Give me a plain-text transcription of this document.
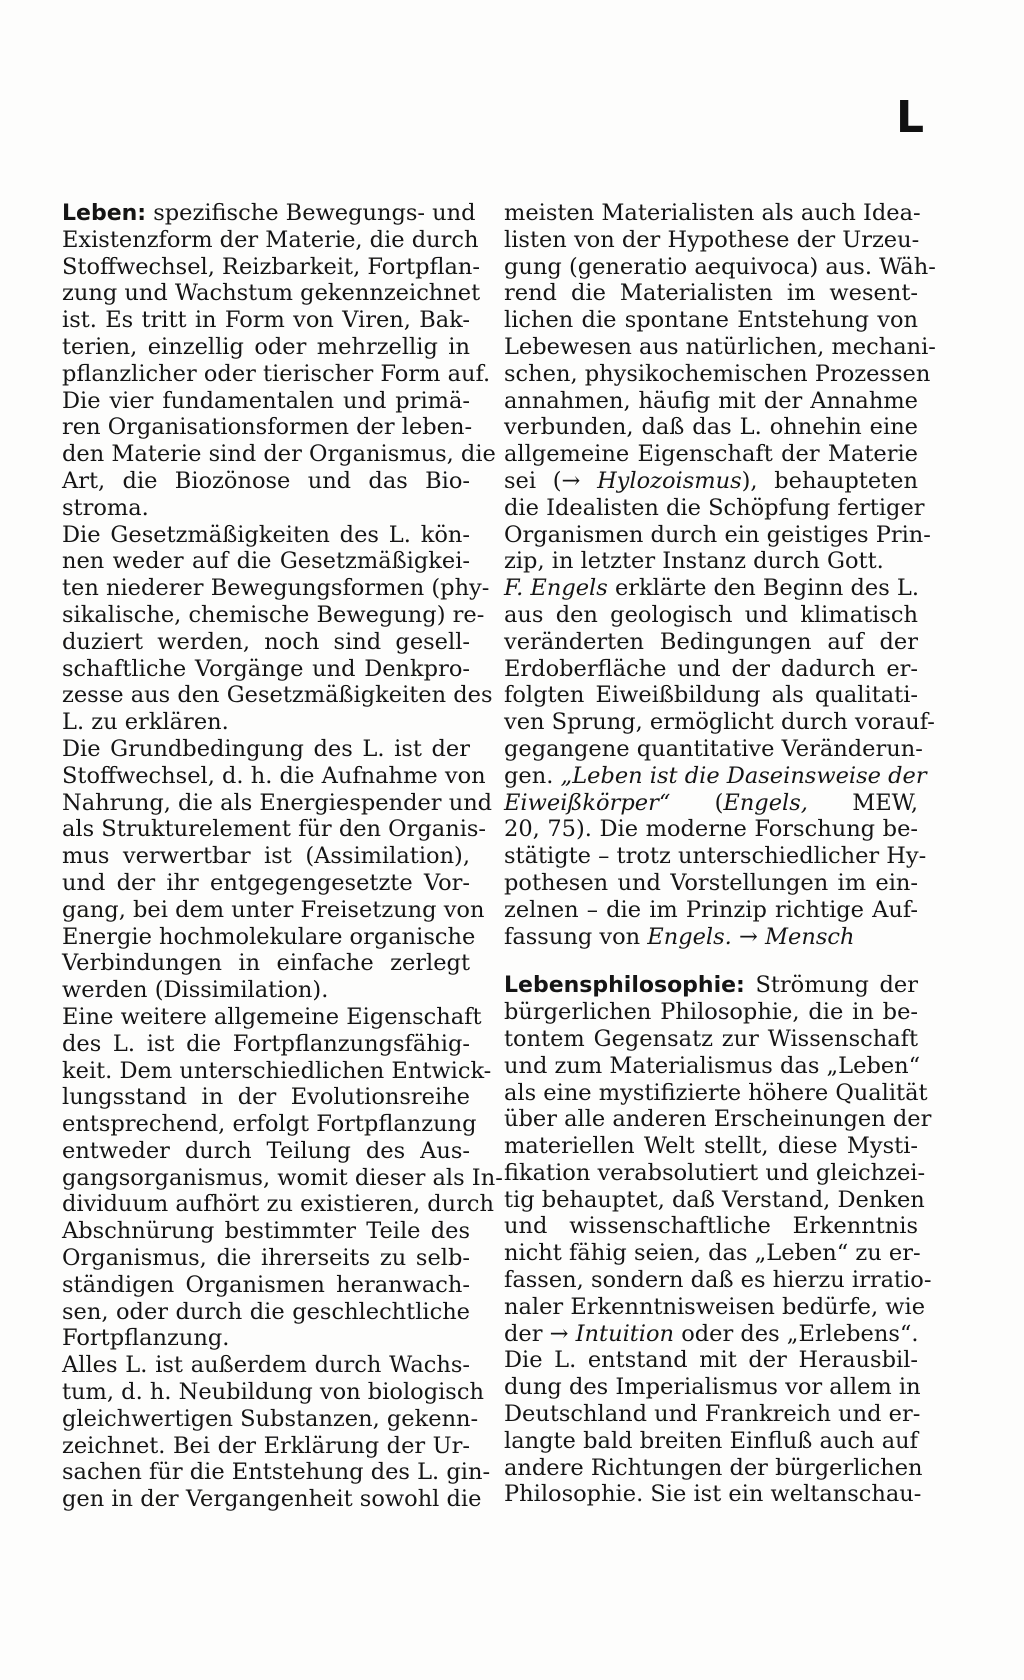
L
Leben: spezifische Bewegungs- und
Existenzform der Materie, die durch
Stoffwechsel, Reizbarkeit, Fortpflan-
zung und Wachstum gekennzeichnet
ist. Es tritt in Form von Viren, Bak-
terien, einzellig oder mehrzellig in
pflanzlicher oder tierischer Form auf.
Die vier fundamentalen und primä-
ren Organisationsformen der leben-
den Materie sind der Organismus, die
Art, die Biozönose und das Bio-
stroma.
Die Gesetzmäßigkeiten des L. kön-
nen weder auf die Gesetzmäßigkei-
ten niederer Bewegungsformen (phy-
sikalische, chemische Bewegung) re-
duziert werden, noch sind gesell-
schaftliche Vorgänge und Denkpro-
zesse aus den Gesetzmäßigkeiten des
L. zu erklären.
Die Grundbedingung des L. ist der
Stoffwechsel, d. h. die Aufnahme von
Nahrung, die als Energiespender und
als Strukturelement für den Organis-
mus verwertbar ist (Assimilation),
und der ihr entgegengesetzte Vor-
gang, bei dem unter Freisetzung von
Energie hochmolekulare organische
Verbindungen in einfache zerlegt
werden (Dissimilation).
Eine weitere allgemeine Eigenschaft
des L. ist die Fortpflanzungsfähig-
keit. Dem unterschiedlichen Entwick-
lungsstand in der Evolutionsreihe
entsprechend, erfolgt Fortpflanzung
entweder durch Teilung des Aus-
gangsorganismus, womit dieser als In-
dividuum aufhört zu existieren, durch
Abschnürung bestimmter Teile des
Organismus, die ihrerseits zu selb-
ständigen Organismen heranwach-
sen, oder durch die geschlechtliche
Fortpflanzung.
Alles L. ist außerdem durch Wachs-
tum, d. h. Neubildung von biologisch
gleichwertigen Substanzen, gekenn-
zeichnet. Bei der Erklärung der Ur-
sachen für die Entstehung des L. gin-
gen in der Vergangenheit sowohl die
meisten Materialisten als auch Idea-
listen von der Hypothese der Urzeu-
gung (generatio aequivoca) aus. Wäh-
rend die Materialisten im wesent-
lichen die spontane Entstehung von
Lebewesen aus natürlichen, mechani-
schen, physikochemischen Prozessen
annahmen, häufig mit der Annahme
verbunden, daß das L. ohnehin eine
allgemeine Eigenschaft der Materie
sei (→ Hylozoismus), behaupteten
die Idealisten die Schöpfung fertiger
Organismen durch ein geistiges Prin-
zip, in letzter Instanz durch Gott.
F. Engels erklärte den Beginn des L.
aus den geologisch und klimatisch
veränderten Bedingungen auf der
Erdoberfläche und der dadurch er-
folgten Eiweißbildung als qualitati-
ven Sprung, ermöglicht durch vorauf-
gegangene quantitative Veränderun-
gen. „Leben ist die Daseinsweise der
Eiweißkörper“ (Engels, MEW,
20, 75). Die moderne Forschung be-
stätigte – trotz unterschiedlicher Hy-
pothesen und Vorstellungen im ein-
zelnen – die im Prinzip richtige Auf-
fassung von Engels. → Mensch
Lebensphilosophie: Strömung der
bürgerlichen Philosophie, die in be-
tontem Gegensatz zur Wissenschaft
und zum Materialismus das „Leben“
als eine mystifizierte höhere Qualität
über alle anderen Erscheinungen der
materiellen Welt stellt, diese Mysti-
fikation verabsolutiert und gleichzei-
tig behauptet, daß Verstand, Denken
und wissenschaftliche Erkenntnis
nicht fähig seien, das „Leben“ zu er-
fassen, sondern daß es hierzu irratio-
naler Erkenntnisweisen bedürfe, wie
der → Intuition oder des „Erlebens“.
Die L. entstand mit der Herausbil-
dung des Imperialismus vor allem in
Deutschland und Frankreich und er-
langte bald breiten Einfluß auch auf
andere Richtungen der bürgerlichen
Philosophie. Sie ist ein weltanschau-
